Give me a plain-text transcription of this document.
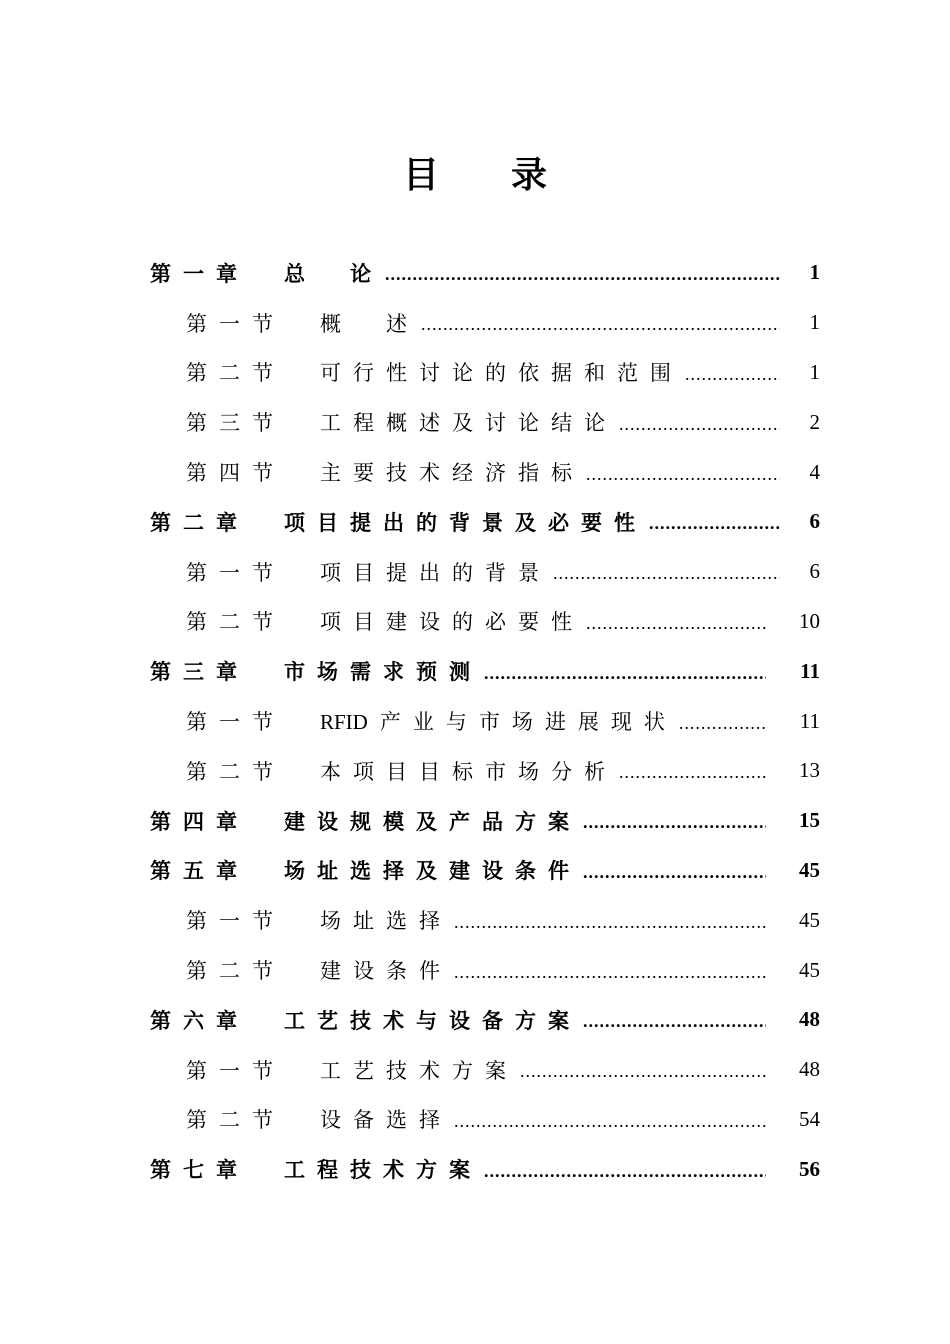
目录
第一章	总　论 .....	1
第一节	概　述 .....	1
第二节	可行性讨论的依据和范围 .....	1
第三节	工程概述及讨论结论 .....	2
第四节	主要技术经济指标 .....	4
第二章	项目提出的背景及必要性 .....	6
第一节	项目提出的背景 .....	6
第二节	项目建设的必要性 .....	10
第三章	市场需求预测 .....	11
第一节	RFID 产业与市场进展现状 .....	11
第二节	本项目目标市场分析 .....	13
第四章	建设规模及产品方案 .....	15
第五章	场址选择及建设条件 .....	45
第一节	场址选择 .....	45
第二节	建设条件 .....	45
第六章	工艺技术与设备方案 .....	48
第一节	工艺技术方案 .....	48
第二节	设备选择 .....	54
第七章	工程技术方案 .....	56
